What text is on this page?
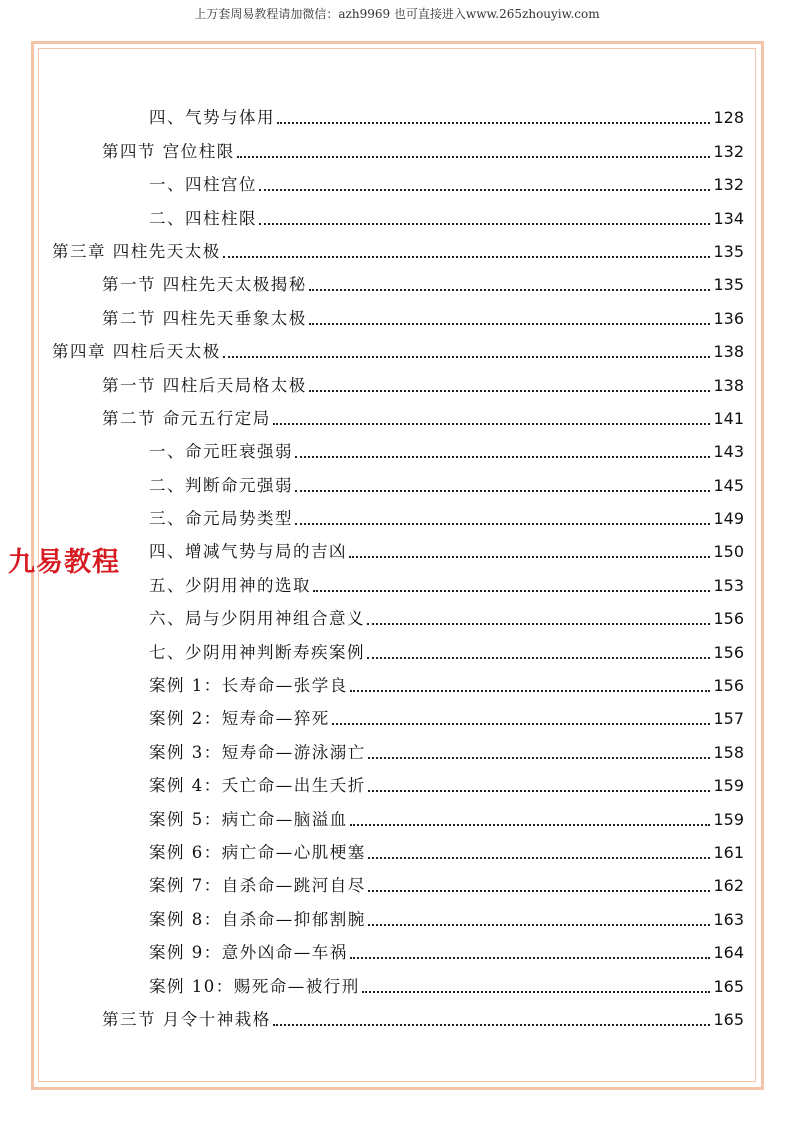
上万套周易教程请加微信：azh9969 也可直接进入www.265zhouyiw.com
四、气势与体用	128
第四节 宫位柱限	132
一、四柱宫位	132
二、四柱柱限	134
第三章 四柱先天太极	135
第一节 四柱先天太极揭秘	135
第二节 四柱先天垂象太极	136
第四章 四柱后天太极	138
第一节 四柱后天局格太极	138
第二节 命元五行定局	141
一、命元旺衰强弱	143
二、判断命元强弱	145
三、命元局势类型	149
四、增减气势与局的吉凶	150
五、少阴用神的选取	153
六、局与少阴用神组合意义	156
七、少阴用神判断寿疾案例	156
案例 1：长寿命—张学良	156
案例 2：短寿命—猝死	157
案例 3：短寿命—游泳溺亡	158
案例 4：夭亡命—出生夭折	159
案例 5：病亡命—脑溢血	159
案例 6：病亡命—心肌梗塞	161
案例 7：自杀命—跳河自尽	162
案例 8：自杀命—抑郁割腕	163
案例 9：意外凶命—车祸	164
案例 10：赐死命—被行刑	165
第三节 月令十神栽格	165
九易教程
